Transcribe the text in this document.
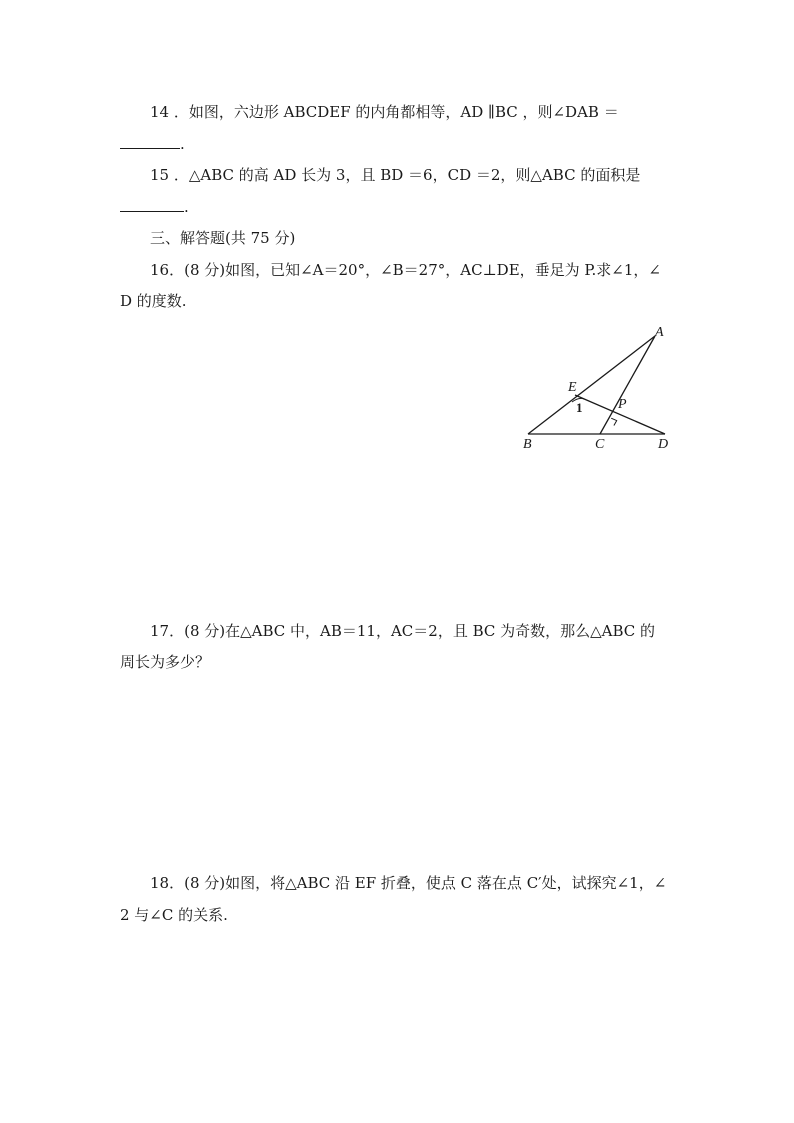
14 ．如图，六边形 ABCDEF 的内角都相等，AD ∥BC ，则∠DAB ＝
.
15 ．△ABC 的高 AD 长为 3，且 BD ＝6，CD ＝2，则△ABC 的面积是
.
三、解答题(共 75 分)
16．(8 分)如图，已知∠A＝20°，∠B＝27°，AC⊥DE，垂足为 P.求∠1，∠
D 的度数.
A
E
P
B	C	D
1
17．(8 分)在△ABC 中，AB＝11，AC＝2，且 BC 为奇数，那么△ABC 的
周长为多少？
18．(8 分)如图，将△ABC 沿 EF 折叠，使点 C 落在点 C′处，试探究∠1，∠
2 与∠C 的关系.
